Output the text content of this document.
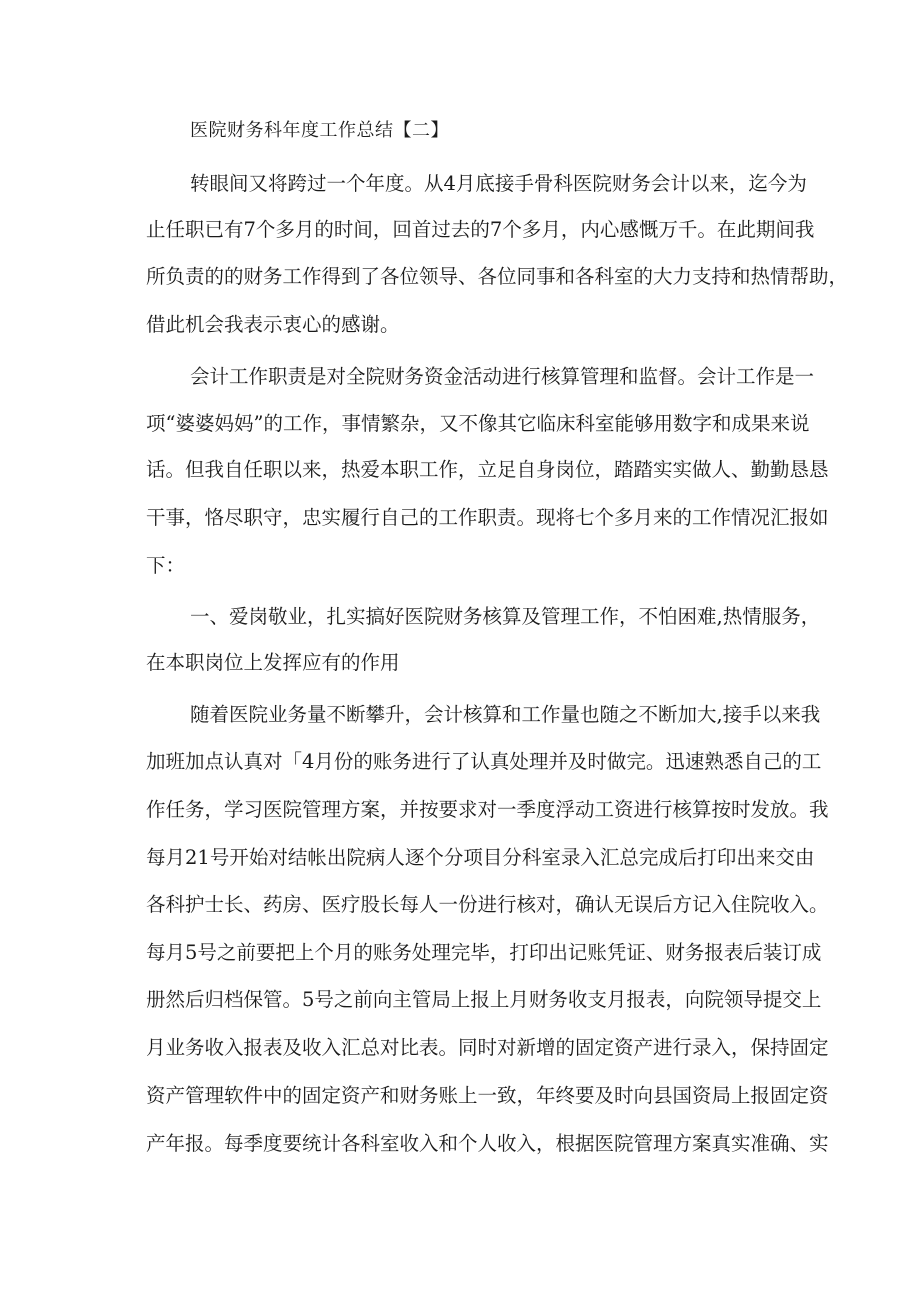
医院财务科年度工作总结【二】
转眼间又将跨过一个年度。从4月底接手骨科医院财务会计以来，迄今为
止任职已有7个多月的时间，回首过去的7个多月，内心感慨万千。在此期间我
所负责的的财务工作得到了各位领导、各位同事和各科室的大力支持和热情帮助，
借此机会我表示衷心的感谢。
会计工作职责是对全院财务资金活动进行核算管理和监督。会计工作是一
项“婆婆妈妈”的工作，事情繁杂，又不像其它临床科室能够用数字和成果来说
话。但我自任职以来，热爱本职工作，立足自身岗位，踏踏实实做人、勤勤恳恳
干事，恪尽职守，忠实履行自己的工作职责。现将七个多月来的工作情况汇报如
下：
一、爱岗敬业，扎实搞好医院财务核算及管理工作，不怕困难,热情服务，
在本职岗位上发挥应有的作用
随着医院业务量不断攀升，会计核算和工作量也随之不断加大,接手以来我
加班加点认真对「4月份的账务进行了认真处理并及时做完。迅速熟悉自己的工
作任务，学习医院管理方案，并按要求对一季度浮动工资进行核算按时发放。我
每月21号开始对结帐出院病人逐个分项目分科室录入汇总完成后打印出来交由
各科护士长、药房、医疗股长每人一份进行核对，确认无误后方记入住院收入。
每月5号之前要把上个月的账务处理完毕，打印出记账凭证、财务报表后装订成
册然后归档保管。5号之前向主管局上报上月财务收支月报表，向院领导提交上
月业务收入报表及收入汇总对比表。同时对新增的固定资产进行录入，保持固定
资产管理软件中的固定资产和财务账上一致，年终要及时向县国资局上报固定资
产年报。每季度要统计各科室收入和个人收入，根据医院管理方案真实准确、实
